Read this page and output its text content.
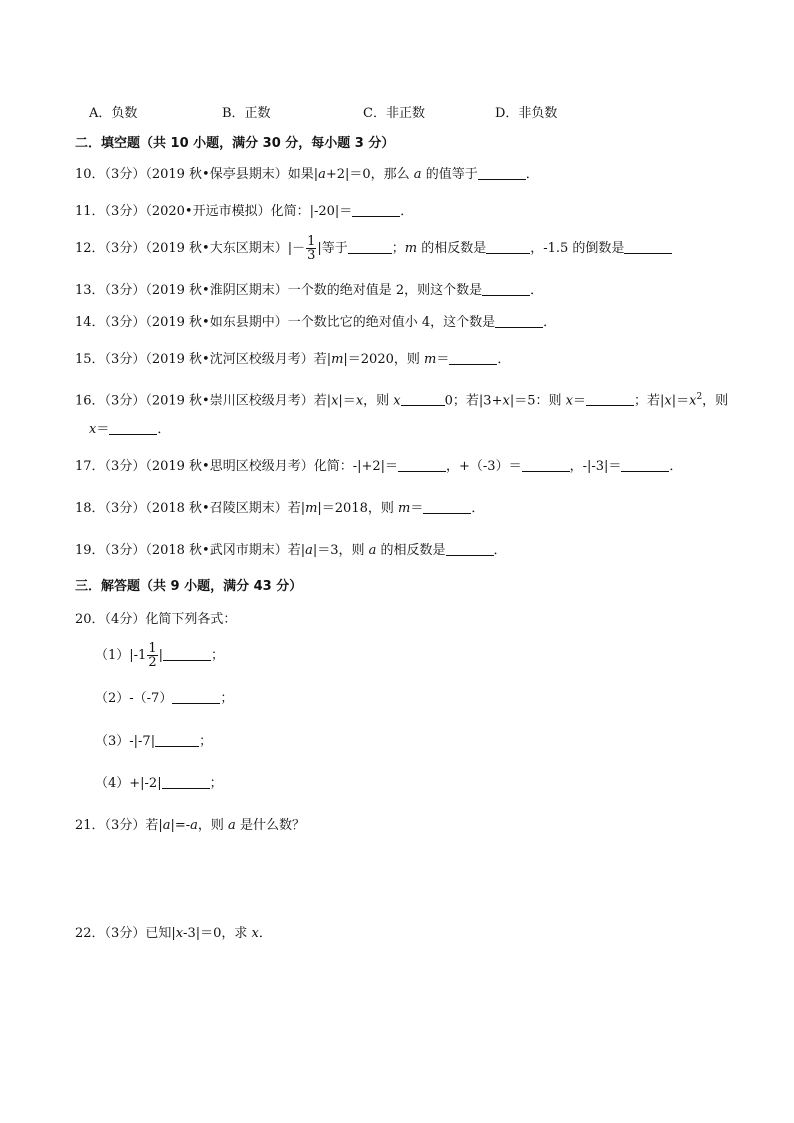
A．负数	B．正数	C．非正数	D．非负数
二．填空题（共 10 小题，满分 30 分，每小题 3 分）
10．（3分）（2019 秋•保亭县期末）如果|a+2|＝0，那么 a 的值等于	．
11．（3分）（2020•开远市模拟）化简：|-20|＝	．
12．（3分）（2019 秋•大东区期末）|－ $\frac{1}{3}$ |等于	；m 的相反数是	，-1.5 的倒数是
13．（3分）（2019 秋•淮阴区期末）一个数的绝对值是 2，则这个数是	．
14．（3分）（2019 秋•如东县期中）一个数比它的绝对值小 4，这个数是	．
15．（3分）（2019 秋•沈河区校级月考）若|m|＝2020，则 m＝	．
16．（3分）（2019 秋•崇川区校级月考）若|x|＝x，则 x	0；若|3+x|＝5：则 x＝	；若$|x|=x^2$，则
x＝	．
17．（3分）（2019 秋•思明区校级月考）化简：-|+2|＝	，+（-3）＝	，-|-3|＝	．
18．（3分）（2018 秋•召陵区期末）若|m|＝2018，则 m＝	．
19．（3分）（2018 秋•武冈市期末）若|a|＝3，则 a 的相反数是	．
三．解答题（共 9 小题，满分 43 分）
20．（4分）化简下列各式：
$(1)|-1 \frac{1}{2}$ |	；
（2）-（-7）	；
（3）-|-7|	；
（4）+|-2|	；
21．（3分）若|a|=-a，则 a 是什么数？
22．（3分）已知|x-3|＝0，求 x．
